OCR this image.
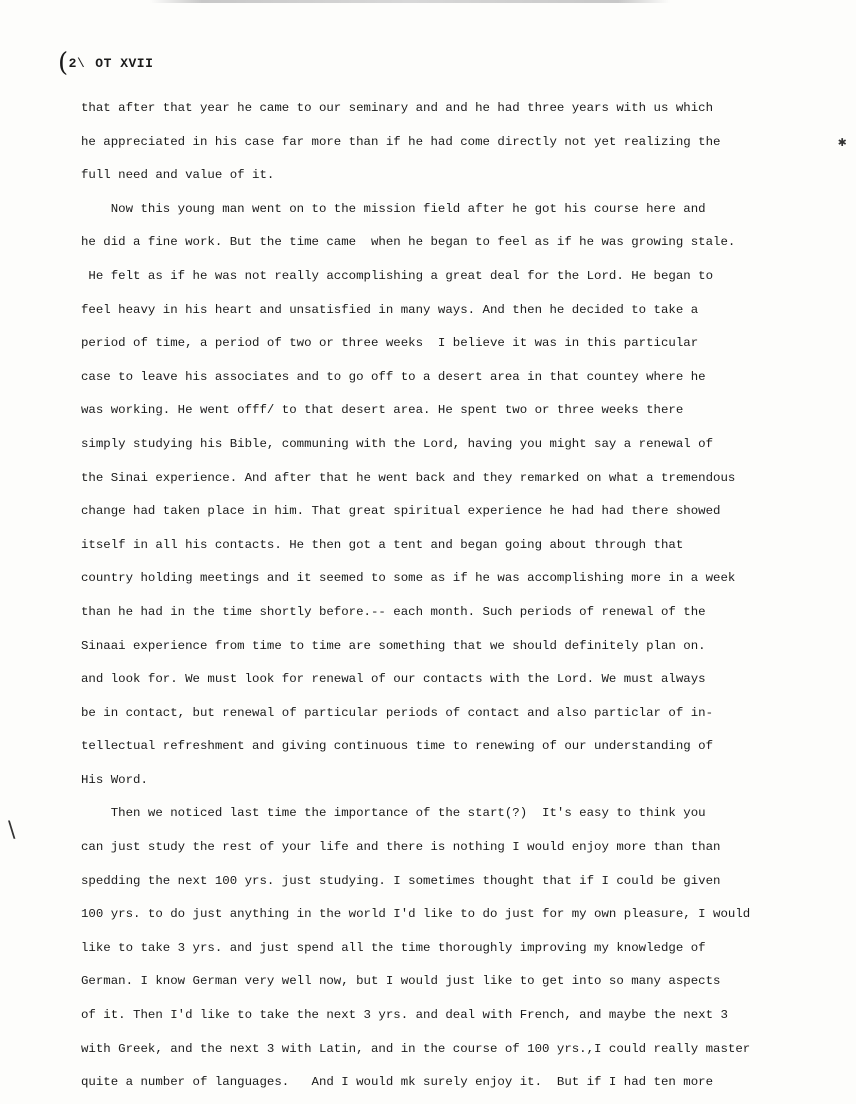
(2\ OT XVII
that after that year he came to our seminary and and he had three years with us which
he appreciated in his case far more than if he had come directly not yet realizing the
full need and value of it.
Now this young man went on to the mission field after he got his course here and
he did a fine work. But the time came  when he began to feel as if he was growing stale.
He felt as if he was not really accomplishing a great deal for the Lord. He began to
feel heavy in his heart and unsatisfied in many ways. And then he decided to take a
period of time, a period of two or three weeks  I believe it was in this particular
case to leave his associates and to go off to a desert area in that countey where he
was working. He went offf/ to that desert area. He spent two or three weeks there
simply studying his Bible, communing with the Lord, having you might say a renewal of
the Sinai experience. And after that he went back and they remarked on what a tremendous
change had taken place in him. That great spiritual experience he had had there showed
itself in all his contacts. He then got a tent and began going about through that
country holding meetings and it seemed to some as if he was accomplishing more in a week
than he had in the time shortly before.-- each month. Such periods of renewal of the
Sinaai experience from time to time are something that we should definitely plan on.
and look for. We must look for renewal of our contacts with the Lord. We must always
be in contact, but renewal of particular periods of contact and also particlar of in-
tellectual refreshment and giving continuous time to renewing of our understanding of
His Word.
Then we noticed last time the importance of the start(?)  It's easy to think you
can just study the rest of your life and there is nothing I would enjoy more than than
spedding the next 100 yrs. just studying. I sometimes thought that if I could be given
100 yrs. to do just anything in the world I'd like to do just for my own pleasure, I would
like to take 3 yrs. and just spend all the time thoroughly improving my knowledge of
German. I know German very well now, but I would just like to get into so many aspects
of it. Then I'd like to take the next 3 yrs. and deal with French, and maybe the next 3
with Greek, and the next 3 with Latin, and in the course of 100 yrs.,I could really master
quite a number of languages.   And I would mk surely enjoy it.  But if I had ten more
✱
\
